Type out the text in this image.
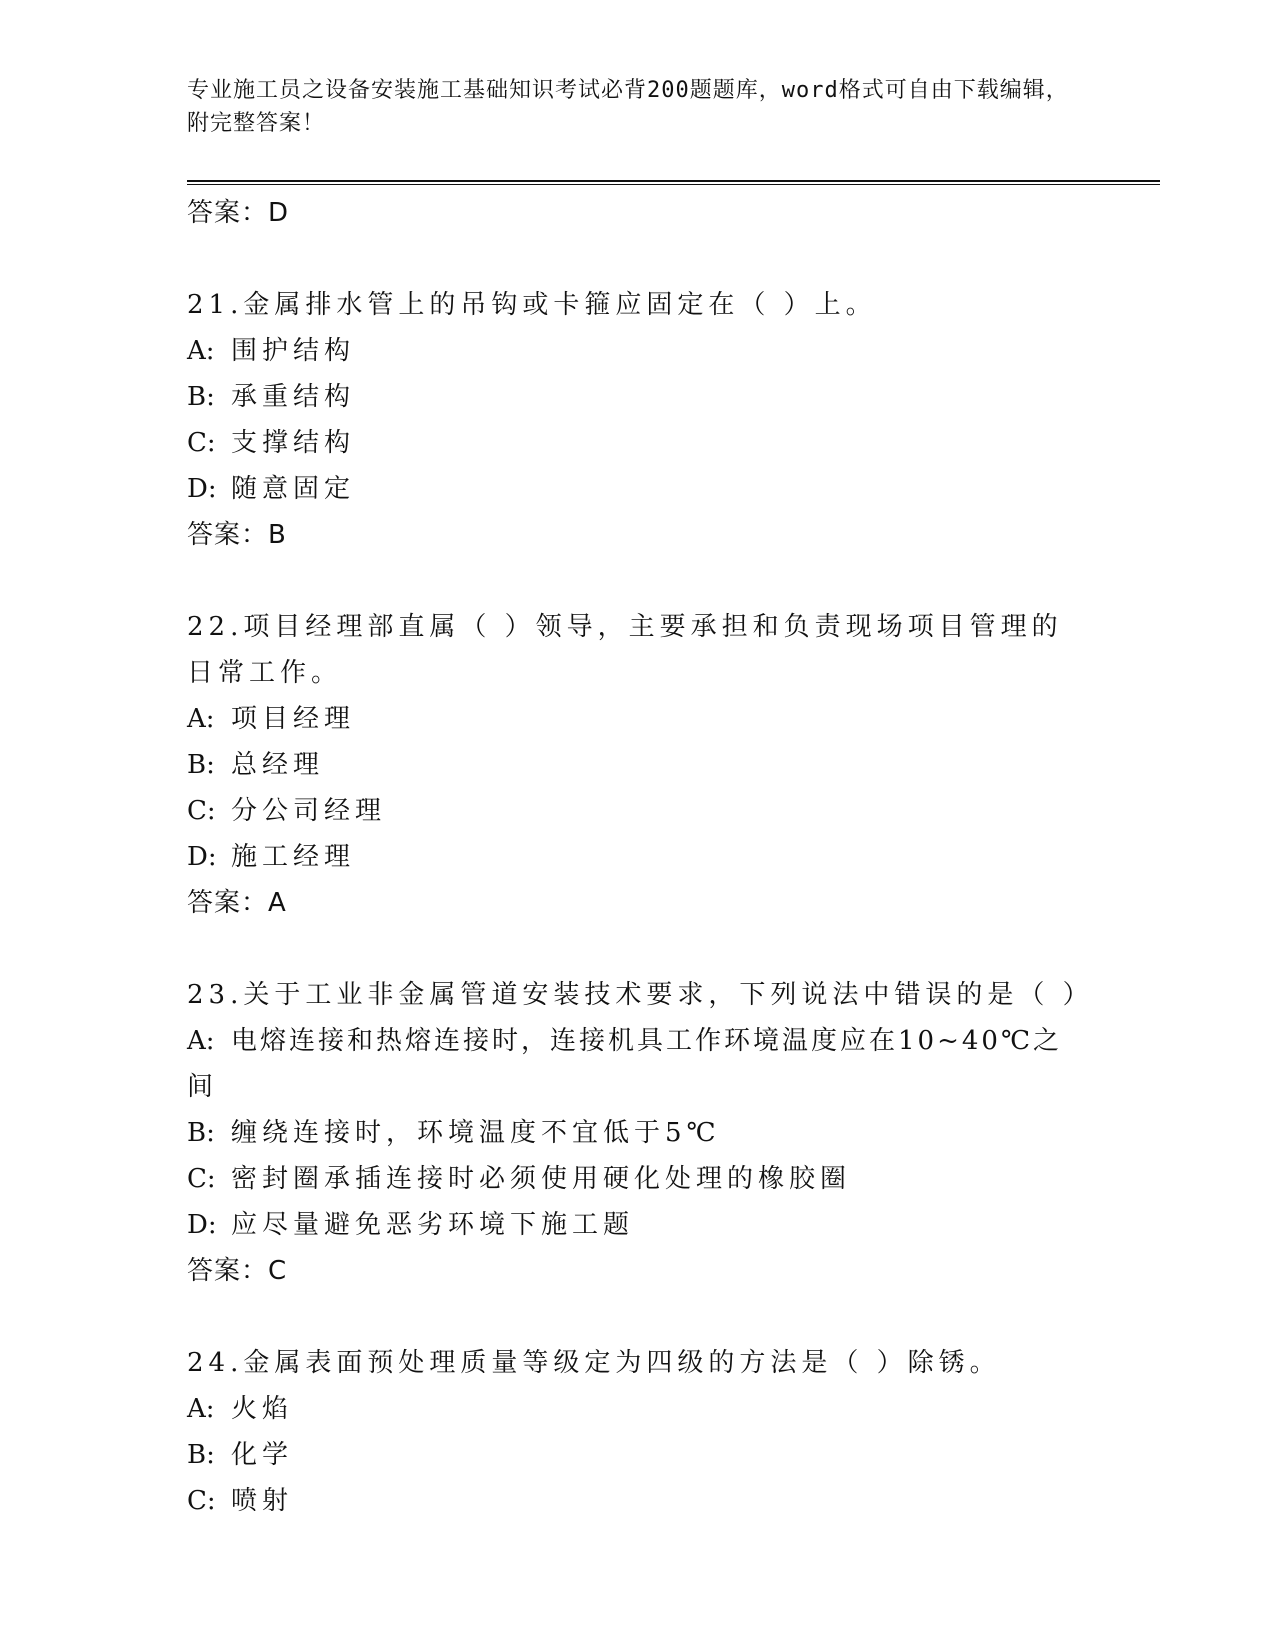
专业施工员之设备安装施工基础知识考试必背200题题库，word格式可自由下载编辑，附完整答案！
答案：D
21.金属排水管上的吊钩或卡箍应固定在（ ）上。
A: 围护结构
B: 承重结构
C: 支撑结构
D: 随意固定
答案：B
22.项目经理部直属（ ）领导，主要承担和负责现场项目管理的日常工作。
A: 项目经理
B: 总经理
C: 分公司经理
D: 施工经理
答案：A
23.关于工业非金属管道安装技术要求，下列说法中错误的是（ ）
A: 电熔连接和热熔连接时，连接机具工作环境温度应在10~40℃之间
B: 缠绕连接时，环境温度不宜低于5℃
C: 密封圈承插连接时必须使用硬化处理的橡胶圈
D: 应尽量避免恶劣环境下施工题
答案：C
24.金属表面预处理质量等级定为四级的方法是（ ）除锈。
A: 火焰
B: 化学
C: 喷射
